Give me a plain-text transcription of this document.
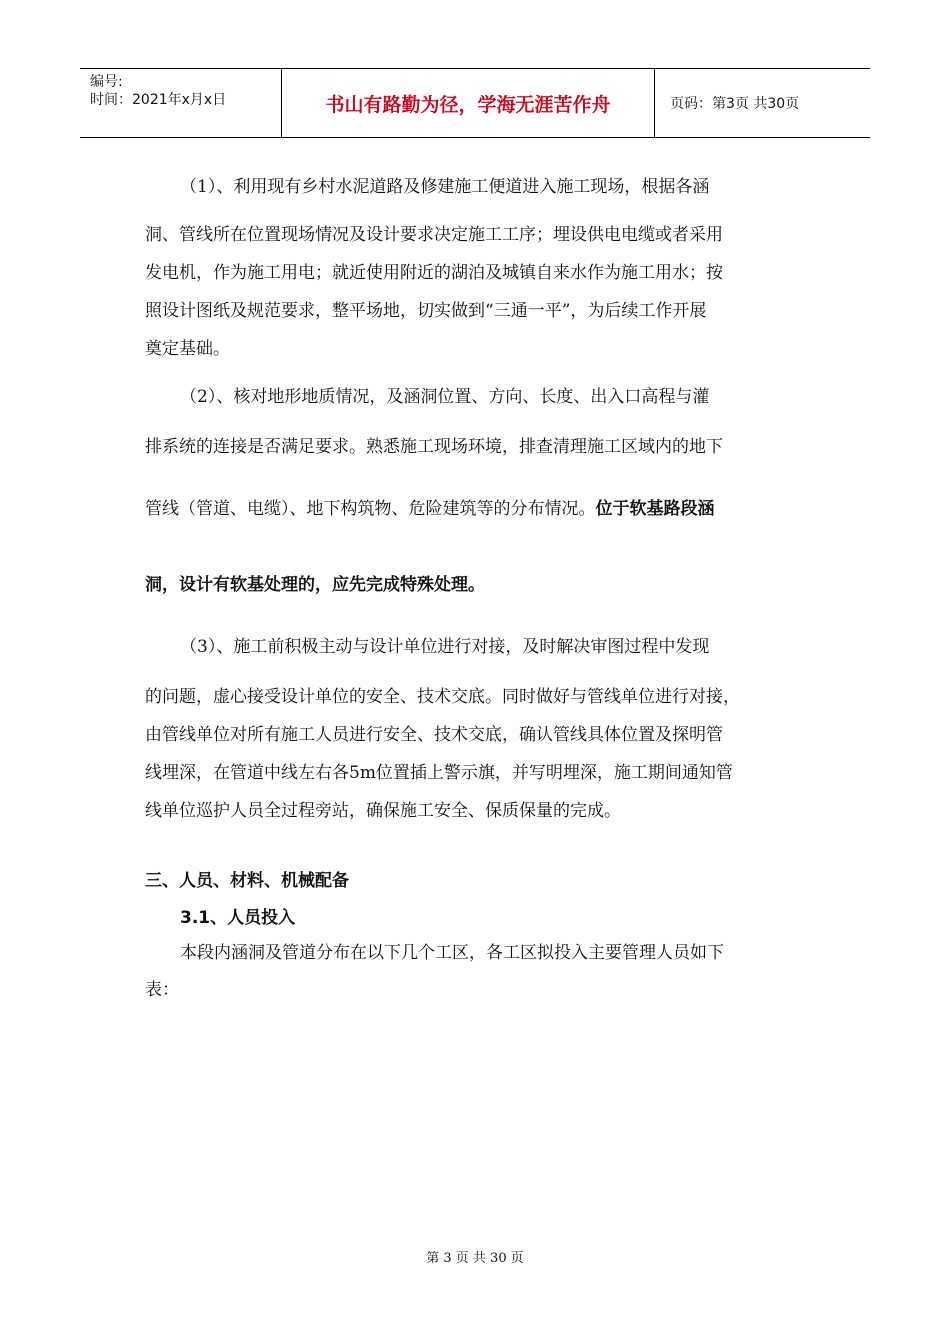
编号:
时间：2021年x月x日	书山有路勤为径，学海无涯苦作舟	页码：第3页 共30页
（1）、利用现有乡村水泥道路及修建施工便道进入施工现场，根据各涵
洞、管线所在位置现场情况及设计要求决定施工工序；埋设供电电缆或者采用
发电机，作为施工用电；就近使用附近的湖泊及城镇自来水作为施工用水；按
照设计图纸及规范要求，整平场地，切实做到“三通一平”，为后续工作开展
奠定基础。
（2）、核对地形地质情况，及涵洞位置、方向、长度、出入口高程与灌
排系统的连接是否满足要求。熟悉施工现场环境，排查清理施工区域内的地下
管线（管道、电缆）、地下构筑物、危险建筑等的分布情况。位于软基路段涵
洞，设计有软基处理的，应先完成特殊处理。
（3）、施工前积极主动与设计单位进行对接，及时解决审图过程中发现
的问题，虚心接受设计单位的安全、技术交底。同时做好与管线单位进行对接，
由管线单位对所有施工人员进行安全、技术交底，确认管线具体位置及探明管
线埋深，在管道中线左右各5m位置插上警示旗，并写明埋深，施工期间通知管
线单位巡护人员全过程旁站，确保施工安全、保质保量的完成。
三、人员、材料、机械配备
3.1、人员投入
本段内涵洞及管道分布在以下几个工区，各工区拟投入主要管理人员如下
表：
第 3 页 共 30 页
